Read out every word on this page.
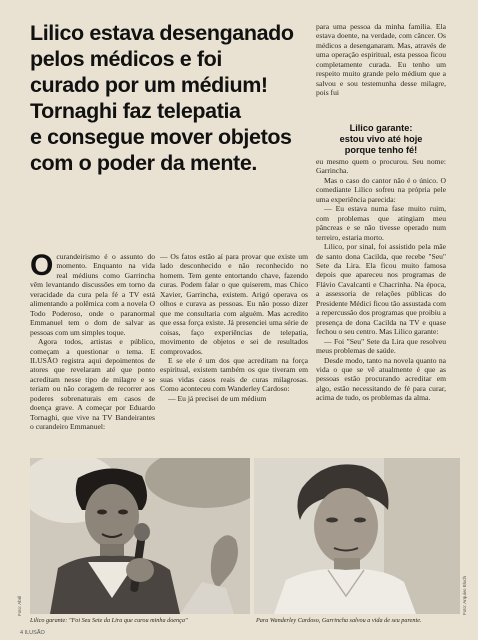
Lilico estava desenganado
pelos médicos e foi
curado por um médium!
Tornaghi faz telepatia
e consegue mover objetos
com o poder da mente.

para uma pessoa da minha família. Ela estava doente, na verdade, com câncer. Os médicos a desenganaram. Mas, através de uma operação espiritual, esta pessoa ficou completamente curada. Eu tenho um respeito muito grande pelo médium que a salvou e sou testemunha desse milagre, pois fui

Lilico garante:
estou vivo até hoje
porque tenho fé!

eu mesmo quem o procurou. Seu nome: Garrincha.

Mas o caso do cantor não é o único. O comediante Lilico sofreu na própria pele uma experiência parecida:

— Eu estava numa fase muito ruim, com problemas que atingiam meu pâncreas e se não tivesse operado num terreiro, estaria morto.

Lilico, por sinal, foi assistido pela mãe de santo dona Cacilda, que recebe "Seu" Sete da Lira. Ela ficou muito famosa depois que apareceu nos programas de Flávio Cavalcanti e Chacrinha. Na época, a assessoria de relações públicas do Presidente Médici ficou tão assustada com a repercussão dos programas que proibiu a presença de dona Cacilda na TV e quase fechou o seu centro. Mas Lilico garante:

— Foi "Seu" Sete da Lira que resolveu meus problemas de saúde.

Desde modo, tanto na novela quanto na vida o que se vê atualmente é que as pessoas estão procurando acreditar em algo, estão necessitando de fé para curar, acima de tudo, os problemas da alma.

O curandeirismo é o assunto do momento. Enquanto na vida real médiuns como Garrincha vêm levantando discussões em torno da veracidade da cura pela fé a TV está alimentando a polêmica com a novela O Todo Poderoso, onde o paranormal Emmanuel tem o dom de salvar as pessoas com um simples toque.

Agora todos, artistas e público, começam a questionar o tema. E ILUSÃO registra aqui depoimentos de atores que revelaram até que ponto acreditam nesse tipo de milagre e se teriam ou não coragem de recorrer aos poderes sobrenaturais em casos de doença grave. A começar por Eduardo Tornaghi, que vive na TV Bandeirantes o curandeiro Emmanuel:

— Os fatos estão aí para provar que existe um lado desconhecido e não reconhecido no homem. Tem gente entortando chave, fazendo curas. Podem falar o que quiserem, mas Chico Xavier, Garrincha, existem. Arigó operava os olhos e curava as pessoas. Eu não posso dizer que me consultaria com alguém. Mas acredito que essa força existe. Já presenciei uma série de coisas, faço experiências de telepatia, movimento de objetos e sei de resultados comprovados.

E se ele é um dos que acreditam na força espiritual, existem também os que tiveram em suas vidas casos reais de curas milagrosas. Como aconteceu com Wanderley Cardoso:

— Eu já precisei de um médium

Foto: Abril	Foto: Arquivo Bloch
Lilico garante: "Foi Seu Sete da Lira que curou minha doença"	Para Wanderley Cardoso, Garrincha salvou a vida de seu parente.
4 ILUSÃO
